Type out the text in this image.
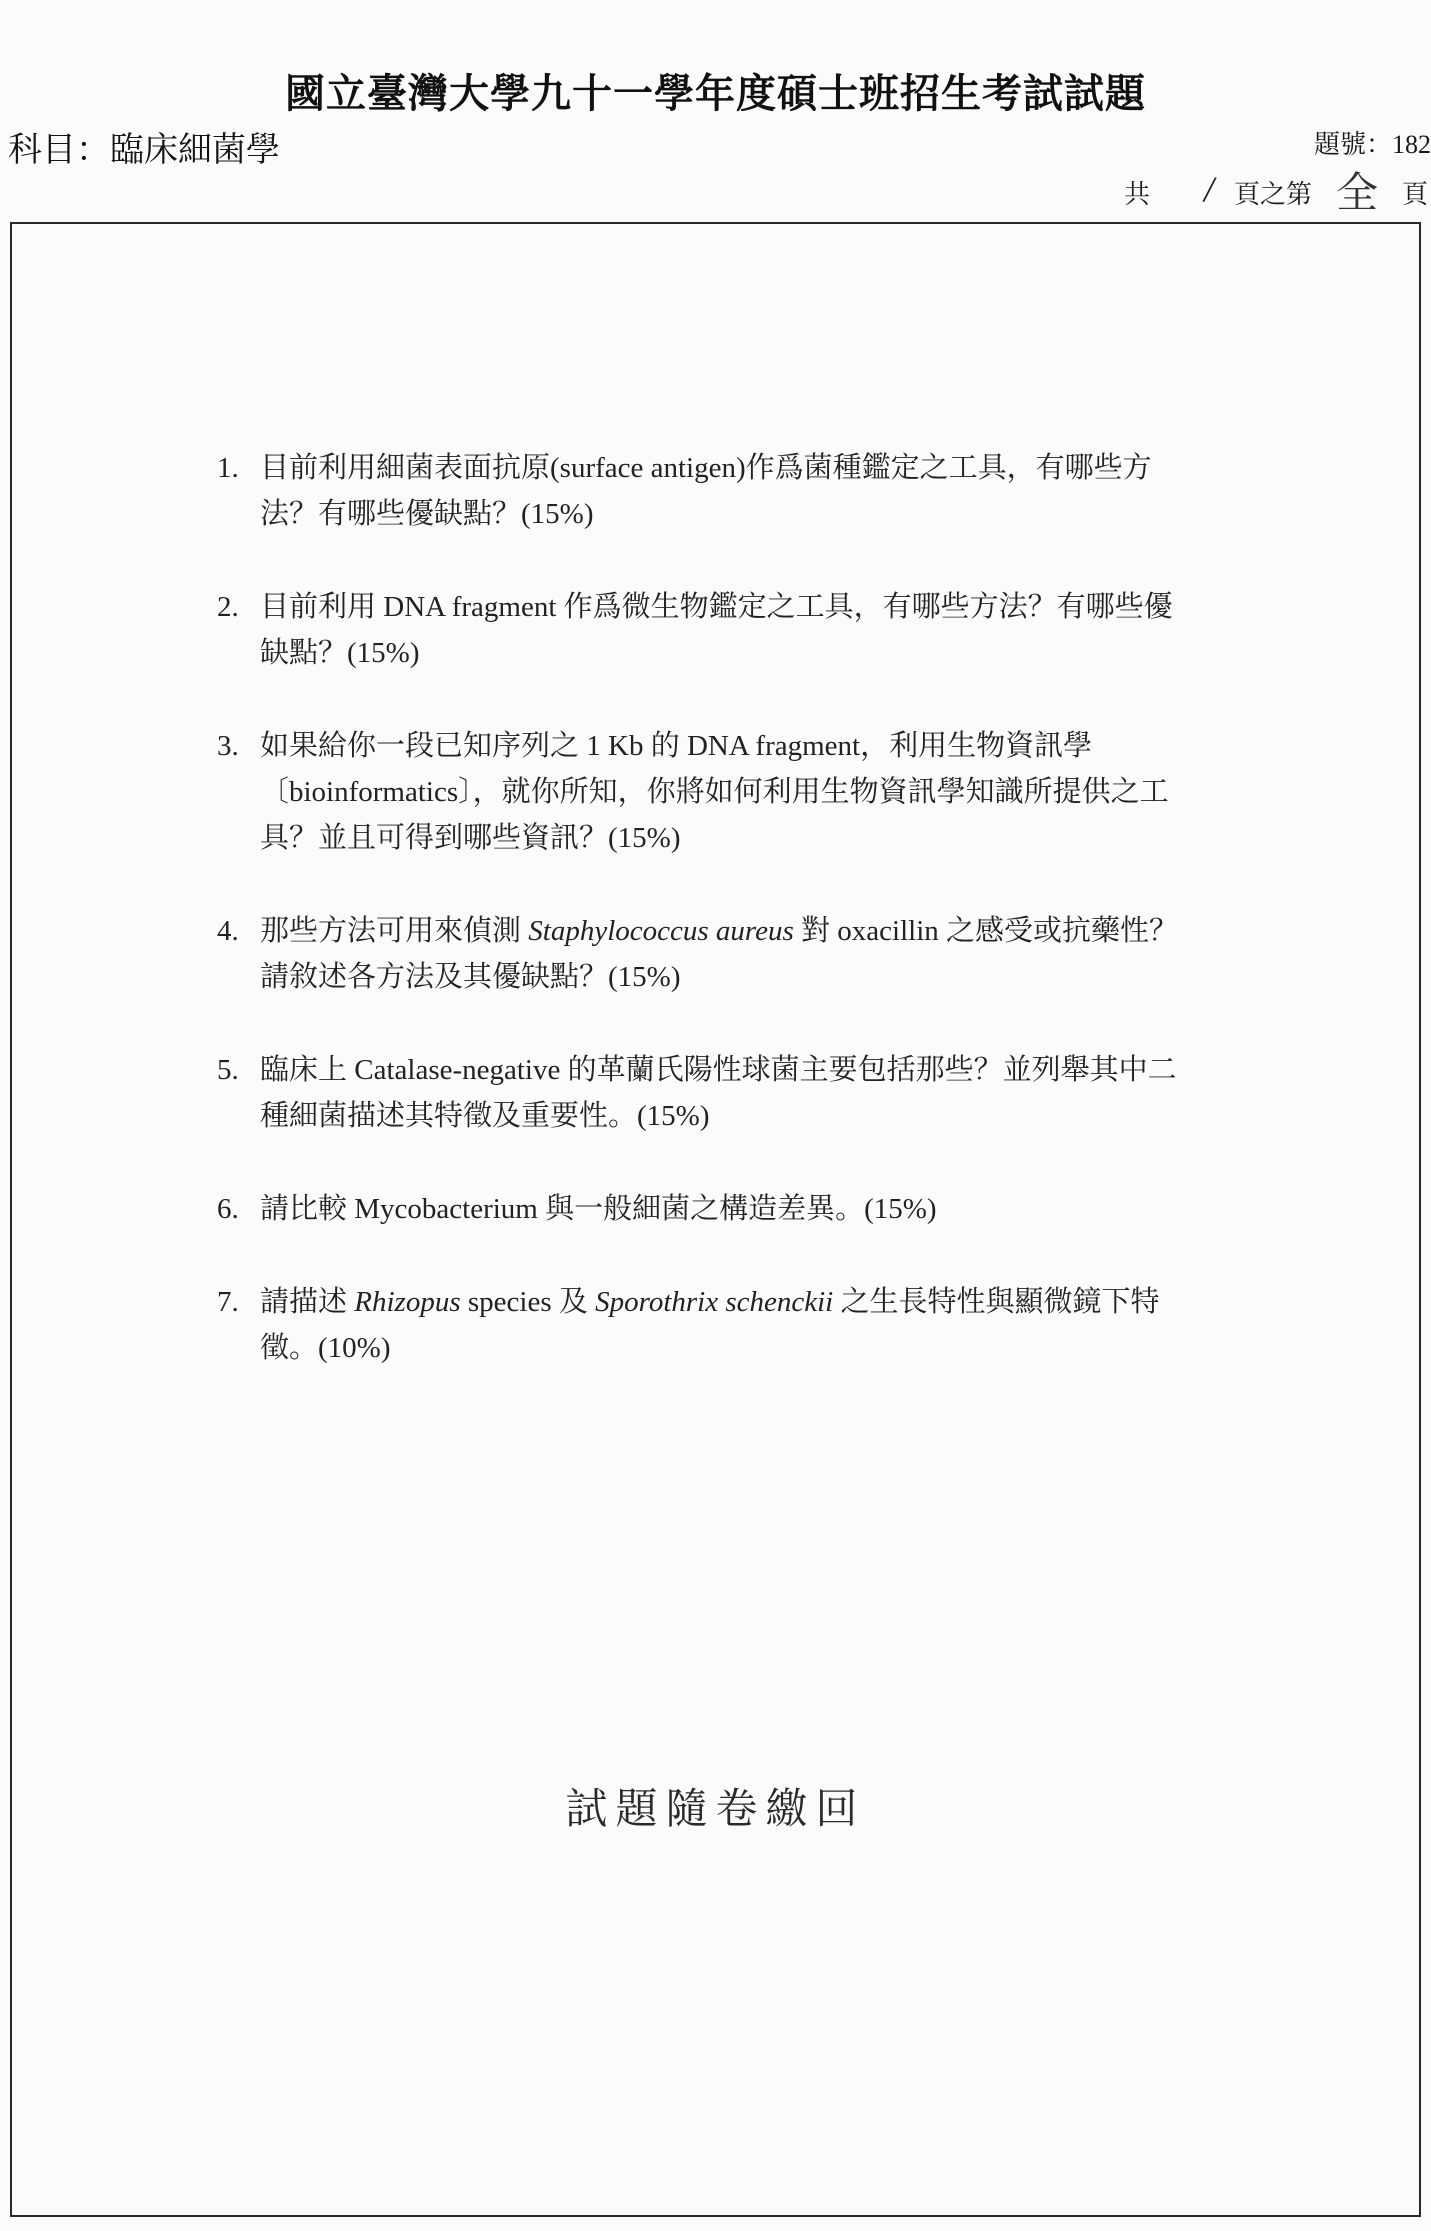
國立臺灣大學九十一學年度碩士班招生考試試題
科目：臨床細菌學	題號：182
共 / 頁之第 全 頁
1. 目前利用細菌表面抗原(surface antigen)作爲菌種鑑定之工具，有哪些方法？有哪些優缺點？(15%)
2. 目前利用 DNA fragment 作爲微生物鑑定之工具，有哪些方法？有哪些優缺點？(15%)
3. 如果給你一段已知序列之 1 Kb 的 DNA fragment，利用生物資訊學〔bioinformatics〕，就你所知，你將如何利用生物資訊學知識所提供之工具？並且可得到哪些資訊？(15%)
4. 那些方法可用來偵測 Staphylococcus aureus 對 oxacillin 之感受或抗藥性？請敘述各方法及其優缺點？(15%)
5. 臨床上 Catalase-negative 的革蘭氏陽性球菌主要包括那些？並列舉其中二種細菌描述其特徵及重要性。(15%)
6. 請比較 Mycobacterium 與一般細菌之構造差異。(15%)
7. 請描述 Rhizopus species 及 Sporothrix schenckii 之生長特性與顯微鏡下特徵。(10%)
試題隨卷繳回
